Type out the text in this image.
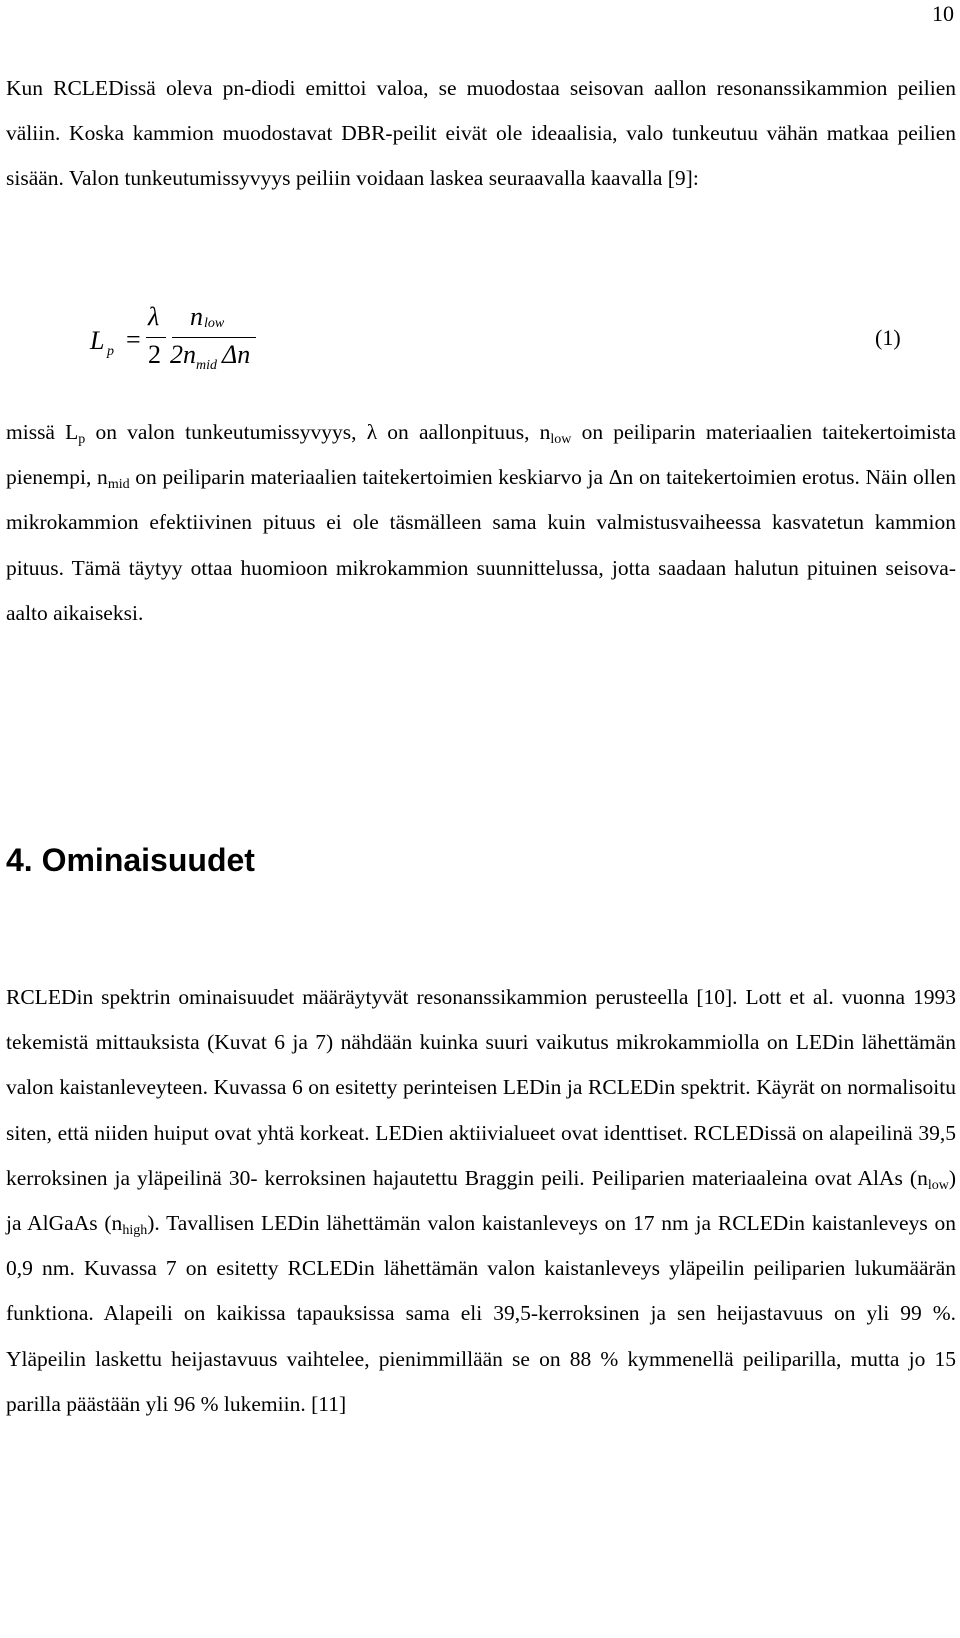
10
Kun RCLEDissä oleva pn-diodi emittoi valoa, se muodostaa seisovan aallon resonanssikammion peilien väliin. Koska kammion muodostavat DBR-peilit eivät ole ideaalisia, valo tunkeutuu vähän matkaa peilien sisään. Valon tunkeutumissyvyys peiliin voidaan laskea seuraavalla kaavalla [9]:
L p =
λ
2
n low
2n mid Δn
(1)
missä $L_p$ on valon tunkeutumissyvyys, λ on aallonpituus, $n_{low}$ on peiliparin materiaalien taitekertoimista pienempi, $n_{mid}$ on peiliparin materiaalien taitekertoimien keskiarvo ja Δn on taitekertoimien erotus. Näin ollen mikrokammion efektiivinen pituus ei ole täsmälleen sama kuin valmistusvaiheessa kasvatetun kammion pituus. Tämä täytyy ottaa huomioon mikrokammion suunnittelussa, jotta saadaan halutun pituinen seisova-aalto aikaiseksi.
4. Ominaisuudet
RCLEDin spektrin ominaisuudet määräytyvät resonanssikammion perusteella [10]. Lott et al. vuonna 1993 tekemistä mittauksista (Kuvat 6 ja 7) nähdään kuinka suuri vaikutus mikrokammiolla on LEDin lähettämän valon kaistanleveyteen. Kuvassa 6 on esitetty perinteisen LEDin ja RCLEDin spektrit. Käyrät on normalisoitu siten, että niiden huiput ovat yhtä korkeat. LEDien aktiivialueet ovat identtiset. RCLEDissä on alapeilinä 39,5 kerroksinen ja yläpeilinä 30- kerroksinen hajautettu Braggin peili. Peiliparien materiaaleina ovat AlAs $(n_{low})$ ja AlGaAs $(n_{high})$. Tavallisen LEDin lähettämän valon kaistanleveys on 17 nm ja RCLEDin kaistanleveys on 0,9 nm. Kuvassa 7 on esitetty RCLEDin lähettämän valon kaistanleveys yläpeilin peiliparien lukumäärän funktiona. Alapeili on kaikissa tapauksissa sama eli 39,5-kerroksinen ja sen heijastavuus on yli 99 %. Yläpeilin laskettu heijastavuus vaihtelee, pienimmillään se on 88 % kymmenellä peiliparilla, mutta jo 15 parilla päästään yli 96 % lukemiin. [11]
